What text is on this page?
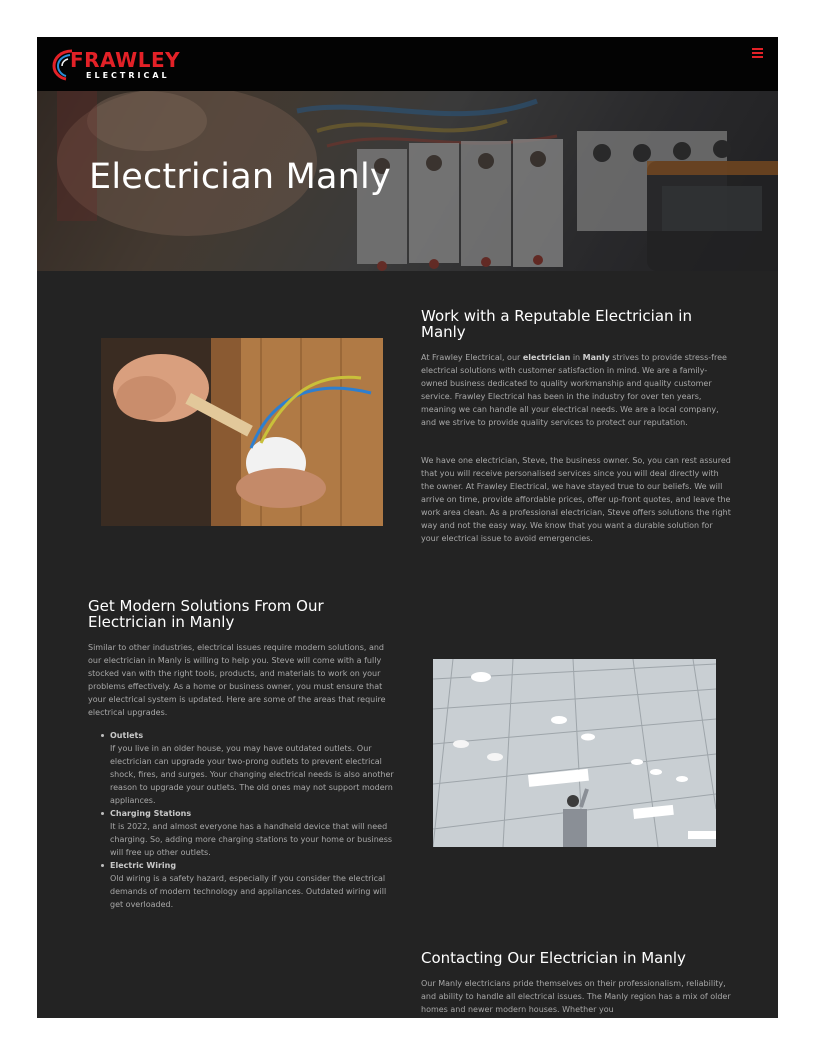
FRAWLEY
ELECTRICAL
Electrician Manly
Work with a Reputable Electrician in Manly

At Frawley Electrical, our electrician in Manly strives to provide stress-free electrical solutions with customer satisfaction in mind. We are a family-owned business dedicated to quality workmanship and quality customer service. Frawley Electrical has been in the industry for over ten years, meaning we can handle all your electrical needs. We are a local company, and we strive to provide quality services to protect our reputation.

We have one electrician, Steve, the business owner. So, you can rest assured that you will receive personalised services since you will deal directly with the owner. At Frawley Electrical, we have stayed true to our beliefs. We will arrive on time, provide affordable prices, offer up-front quotes, and leave the work area clean. As a professional electrician, Steve offers solutions the right way and not the easy way. We know that you want a durable solution for your electrical issue to avoid emergencies.

Get Modern Solutions From Our Electrician in Manly

Similar to other industries, electrical issues require modern solutions, and our electrician in Manly is willing to help you. Steve will come with a fully stocked van with the right tools, products, and materials to work on your problems effectively. As a home or business owner, you must ensure that your electrical system is updated. Here are some of the areas that require electrical upgrades.

Outlets
If you live in an older house, you may have outdated outlets. Our electrician can upgrade your two-prong outlets to prevent electrical shock, fires, and surges. Your changing electrical needs is also another reason to upgrade your outlets. The old ones may not support modern appliances.
Charging Stations
It is 2022, and almost everyone has a handheld device that will need charging. So, adding more charging stations to your home or business will free up other outlets.
Electric Wiring
Old wiring is a safety hazard, especially if you consider the electrical demands of modern technology and appliances. Outdated wiring will get overloaded.
Contacting Our Electrician in Manly

Our Manly electricians pride themselves on their professionalism, reliability, and ability to handle all electrical issues. The Manly region has a mix of older homes and newer modern houses. Whether you
